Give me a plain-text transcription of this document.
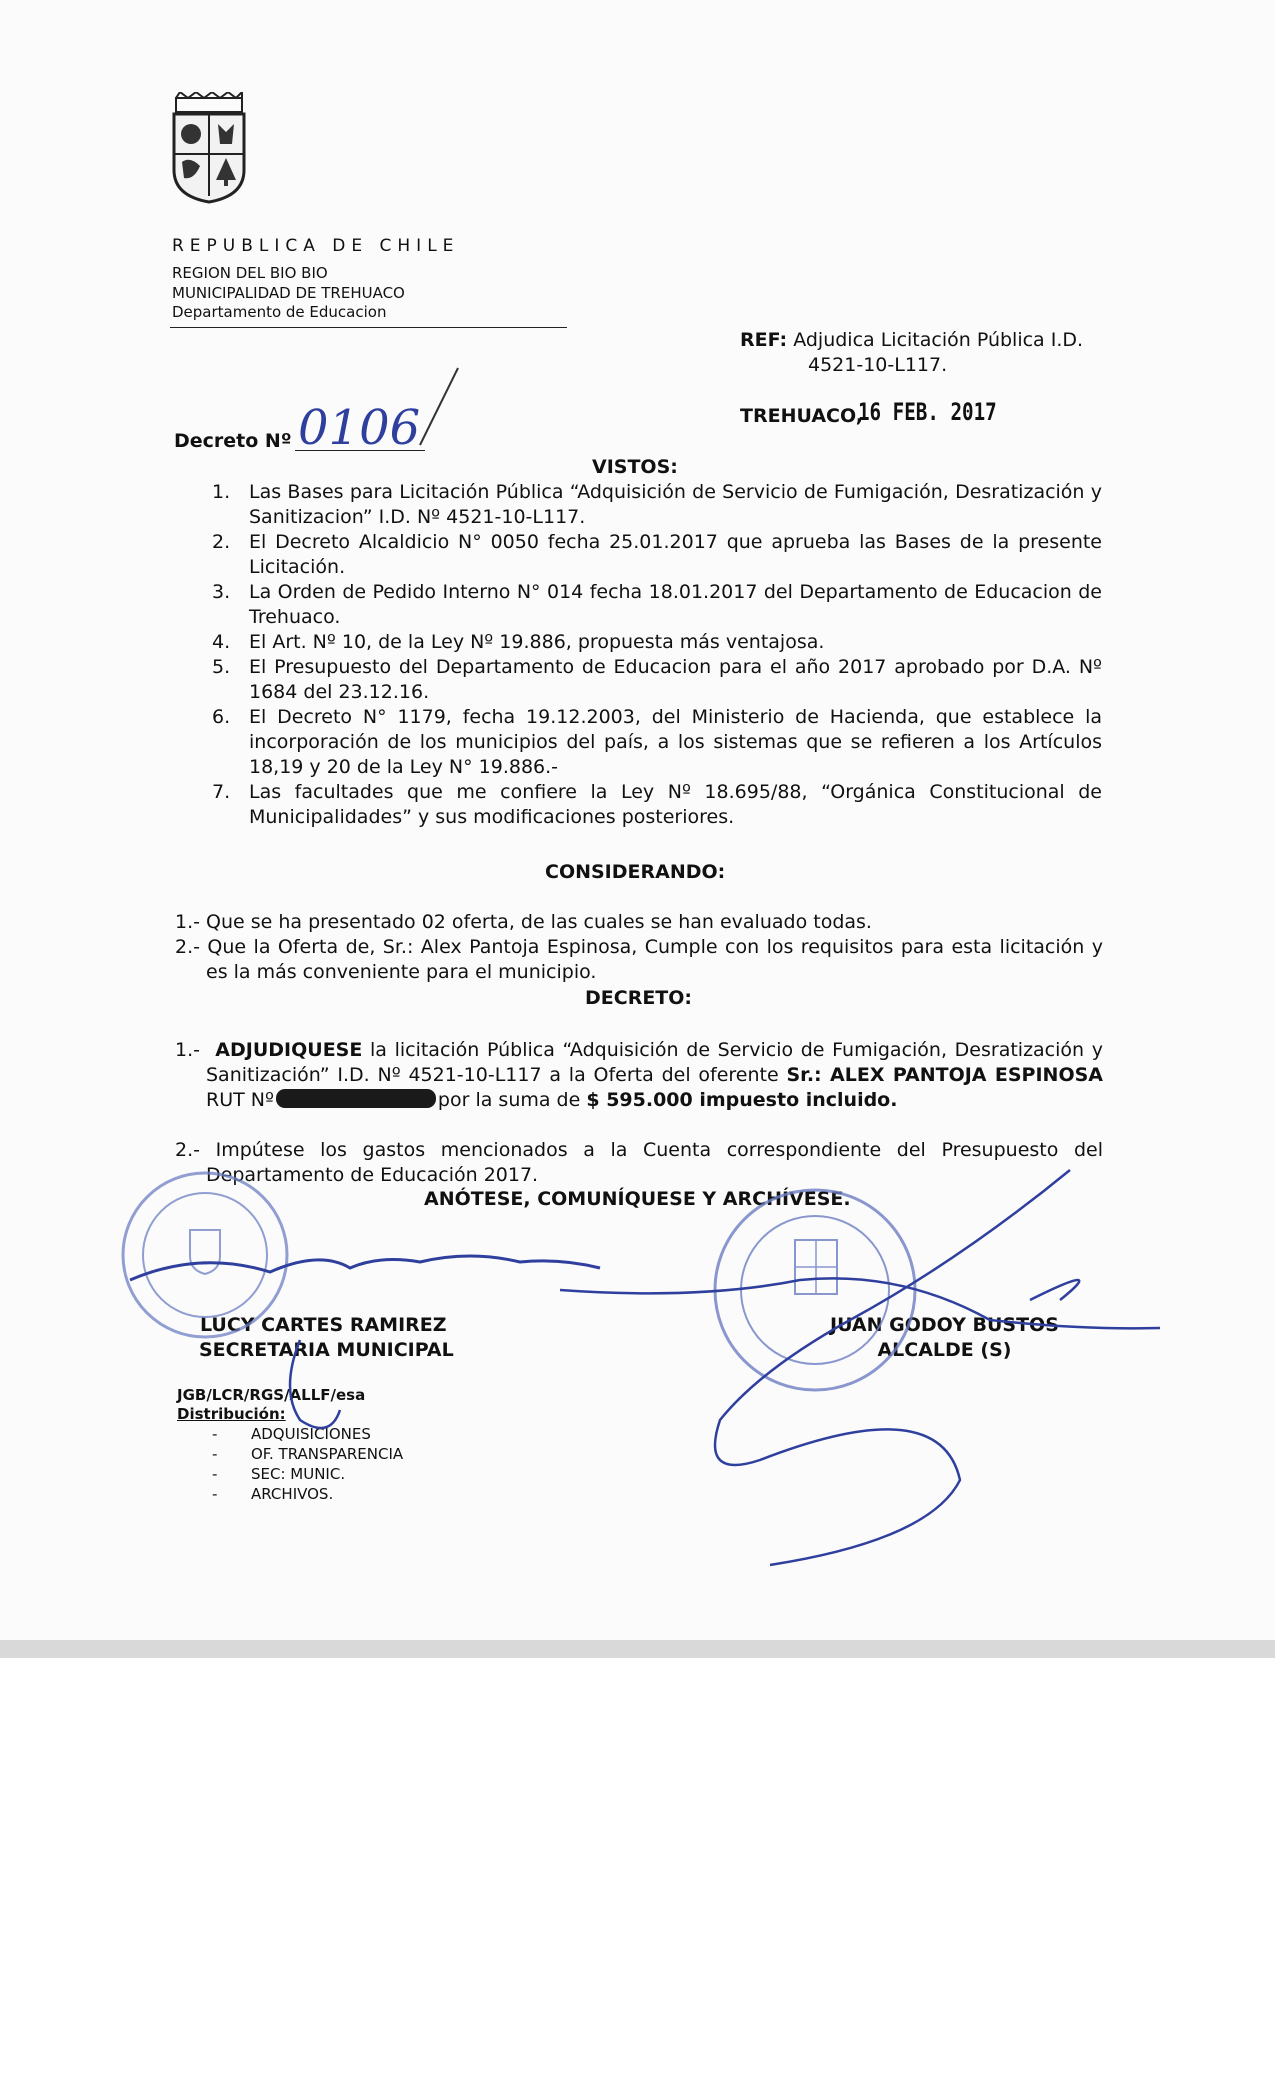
REPUBLICA DE CHILE
REGION DEL BIO BIO
MUNICIPALIDAD DE TREHUACO
Departamento de Educacion
REF: Adjudica Licitación Pública I.D.
4521-10-L117.
TREHUACO,
16 FEB. 2017
Decreto Nº 0106
VISTOS:
1. Las Bases para Licitación Pública “Adquisición de Servicio de Fumigación, Desratización y Sanitizacion” I.D. Nº 4521-10-L117.
2. El Decreto Alcaldicio N° 0050 fecha 25.01.2017 que aprueba las Bases de la presente Licitación.
3. La Orden de Pedido Interno N° 014 fecha 18.01.2017 del Departamento de Educacion de Trehuaco.
4. El Art. Nº 10, de la Ley Nº 19.886, propuesta más ventajosa.
5. El Presupuesto del Departamento de Educacion para el año 2017 aprobado por D.A. Nº 1684 del 23.12.16.
6. El Decreto N° 1179, fecha 19.12.2003, del Ministerio de Hacienda, que establece la incorporación de los municipios del país, a los sistemas que se refieren a los Artículos 18,19 y 20 de la Ley N° 19.886.-
7. Las facultades que me confiere la Ley Nº 18.695/88, “Orgánica Constitucional de Municipalidades” y sus modificaciones posteriores.
CONSIDERANDO:

1.- Que se ha presentado 02 oferta, de las cuales se han evaluado todas.

2.- Que la Oferta de, Sr.: Alex Pantoja Espinosa, Cumple con los requisitos para esta licitación y es la más conveniente para el municipio.

DECRETO:

1.- ADJUDIQUESE la licitación Pública “Adquisición de Servicio de Fumigación, Desratización y Sanitización” I.D. Nº 4521-10-L117 a la Oferta del oferente Sr.: ALEX PANTOJA ESPINOSA RUT Nº	por la suma de $ 595.000 impuesto incluido.

2.- Impútese los gastos mencionados a la Cuenta correspondiente del Presupuesto del Departamento de Educación 2017.

ANÓTESE, COMUNÍQUESE Y ARCHÍVESE.
LUCY CARTES RAMIREZ
SECRETARIA MUNICIPAL
JUAN GODOY BUSTOS
ALCALDE (S)
JGB/LCR/RGS/ALLF/esa
Distribución:
- ADQUISICIONES
- OF. TRANSPARENCIA
- SEC: MUNIC.
- ARCHIVOS.
